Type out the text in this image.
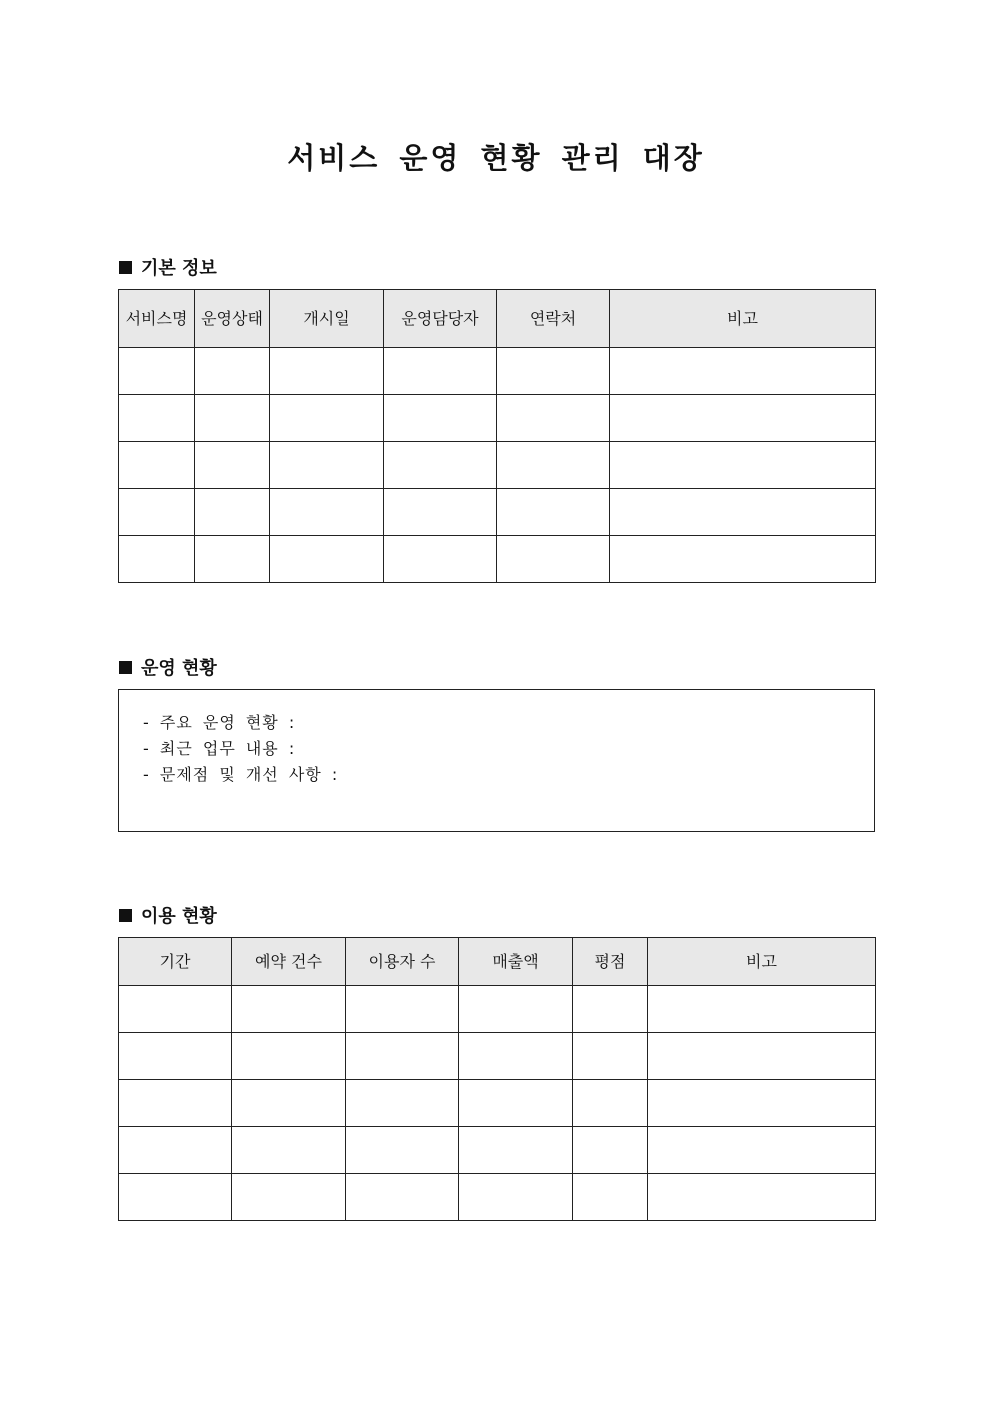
서비스 운영 현황 관리 대장
기본 정보
서비스명	운영상태	개시일	운영담당자	연락처	비고

운영 현황
- 주요 운영 현황 :
- 최근 업무 내용 :
- 문제점 및 개선 사항 :
이용 현황
기간	예약 건수	이용자 수	매출액	평점	비고
